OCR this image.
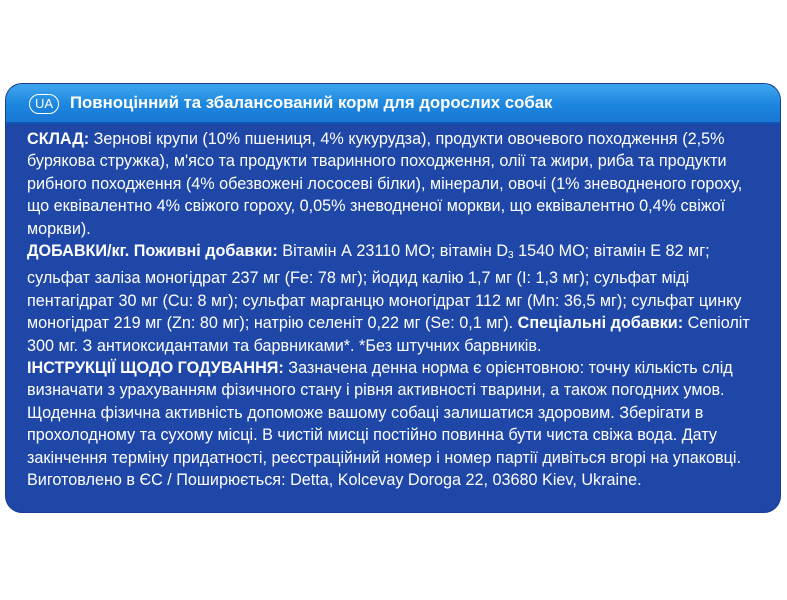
UA	Повноцінний та збалансований корм для дорослих собак

СКЛАД: Зернові крупи (10% пшениця, 4% кукурудза), продукти овочевого походження (2,5% бурякова стружка), м'ясо та продукти тваринного походження, олії та жири, риба та продукти рибного походження (4% обезвожені лососеві білки), мінерали, овочі (1% зневодненого гороху, що еквівалентно 4% свіжого гороху, 0,05% зневодненої моркви, що еквівалентно 0,4% свіжої моркви).

ДОБАВКИ/кг. Поживні добавки: Вітамін А 23110 МО; вітамін $D_3$ 1540 МО; вітамін Е 82 мг; сульфат заліза моногідрат 237 мг (Fe: 78 мг); йодид калію 1,7 мг (І: 1,3 мг); сульфат міді пентагідрат 30 мг (Cu: 8 мг); сульфат марганцю моногідрат 112 мг (Mn: 36,5 мг); сульфат цинку моногідрат 219 мг (Zn: 80 мг); натрію селеніт 0,22 мг (Se: 0,1 мг). Спеціальні добавки: Сепіоліт 300 мг. З антиоксидантами та барвниками*. *Без штучних барвників.

ІНСТРУКЦІЇ ЩОДО ГОДУВАННЯ: Зазначена денна норма є орієнтовною: точну кількість слід визначати з урахуванням фізичного стану і рівня активності тварини, а також погодних умов. Щоденна фізична активність допоможе вашому собаці залишатися здоровим. Зберігати в прохолодному та сухому місці. В чистій мисці постійно повинна бути чиста свіжа вода. Дату закінчення терміну придатності, реєстраційний номер і номер партії дивіться вгорі на упаковці. Виготовлено в ЄС / Поширюється: Detta, Kolcevay Doroga 22, 03680 Kiev, Ukraine.
